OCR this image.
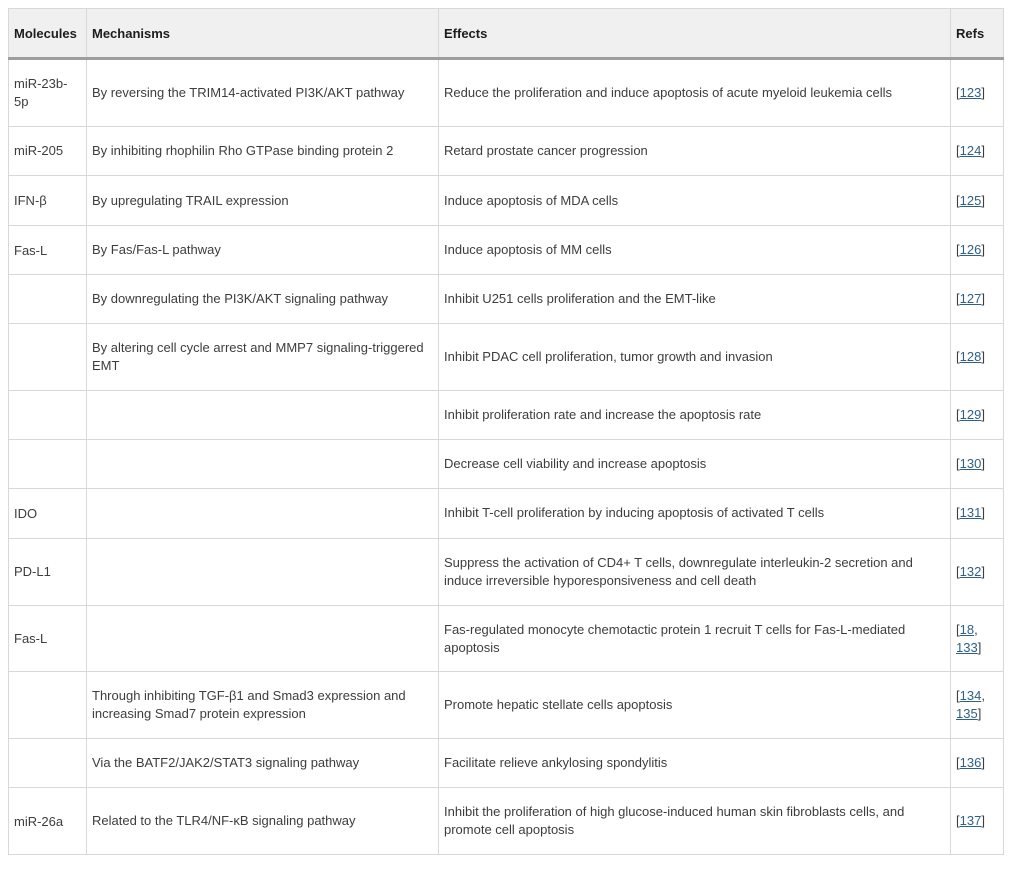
Molecules	Mechanisms	Effects	Refs
miR-23b-5p	By reversing the TRIM14-activated PI3K/AKT pathway	Reduce the proliferation and induce apoptosis of acute myeloid leukemia cells	[123]
miR-205	By inhibiting rhophilin Rho GTPase binding protein 2	Retard prostate cancer progression	[124]
IFN-β	By upregulating TRAIL expression	Induce apoptosis of MDA cells	[125]
Fas-L	By Fas/Fas-L pathway	Induce apoptosis of MM cells	[126]
	By downregulating the PI3K/AKT signaling pathway	Inhibit U251 cells proliferation and the EMT-like	[127]
	By altering cell cycle arrest and MMP7 signaling-triggered EMT	Inhibit PDAC cell proliferation, tumor growth and invasion	[128]
		Inhibit proliferation rate and increase the apoptosis rate	[129]
		Decrease cell viability and increase apoptosis	[130]
IDO		Inhibit T-cell proliferation by inducing apoptosis of activated T cells	[131]
PD-L1		Suppress the activation of CD4+ T cells, downregulate interleukin-2 secretion and induce irreversible hyporesponsiveness and cell death	[132]
Fas-L		Fas-regulated monocyte chemotactic protein 1 recruit T cells for Fas-L-mediated apoptosis	[18, 133]
	Through inhibiting TGF-β1 and Smad3 expression and increasing Smad7 protein expression	Promote hepatic stellate cells apoptosis	[134, 135]
	Via the BATF2/JAK2/STAT3 signaling pathway	Facilitate relieve ankylosing spondylitis	[136]
miR-26a	Related to the TLR4/NF-κB signaling pathway	Inhibit the proliferation of high glucose-induced human skin fibroblasts cells, and promote cell apoptosis	[137]
